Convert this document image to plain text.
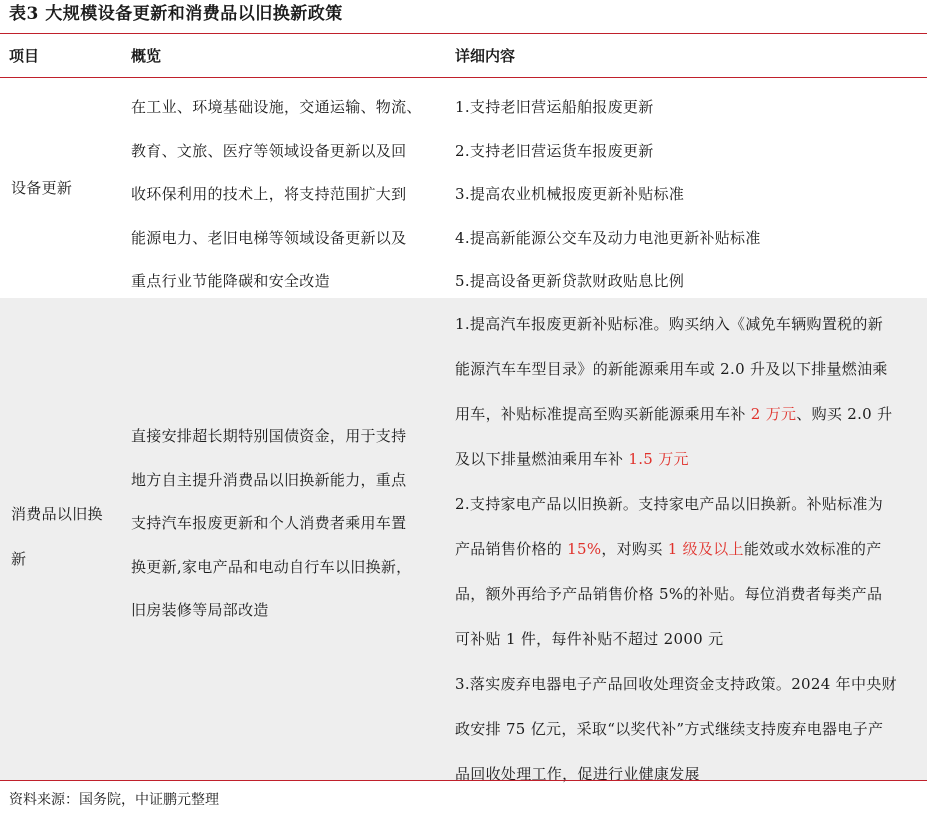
表3 大规模设备更新和消费品以旧换新政策
项目	概览	详细内容
设备更新
在工业、环境基础设施，交通运输、物流、
教育、文旅、医疗等领域设备更新以及回
收环保利用的技术上，将支持范围扩大到
能源电力、老旧电梯等领域设备更新以及
重点行业节能降碳和安全改造
1.支持老旧营运船舶报废更新
2.支持老旧营运货车报废更新
3.提高农业机械报废更新补贴标准
4.提高新能源公交车及动力电池更新补贴标准
5.提高设备更新贷款财政贴息比例
消费品以旧换
新
直接安排超长期特别国债资金，用于支持
地方自主提升消费品以旧换新能力，重点
支持汽车报废更新和个人消费者乘用车置
换更新,家电产品和电动自行车以旧换新，
旧房装修等局部改造
1.提高汽车报废更新补贴标准。购买纳入《减免车辆购置税的新
能源汽车车型目录》的新能源乘用车或 2.0 升及以下排量燃油乘
用车，补贴标准提高至购买新能源乘用车补 2 万元、购买 2.0 升
及以下排量燃油乘用车补 1.5 万元
2.支持家电产品以旧换新。支持家电产品以旧换新。补贴标准为
产品销售价格的 15%，对购买 1 级及以上能效或水效标准的产
品，额外再给予产品销售价格 5%的补贴。每位消费者每类产品
可补贴 1 件，每件补贴不超过 2000 元
3.落实废弃电器电子产品回收处理资金支持政策。2024 年中央财
政安排 75 亿元，采取“以奖代补”方式继续支持废弃电器电子产
品回收处理工作，促进行业健康发展
资料来源：国务院，中证鹏元整理
